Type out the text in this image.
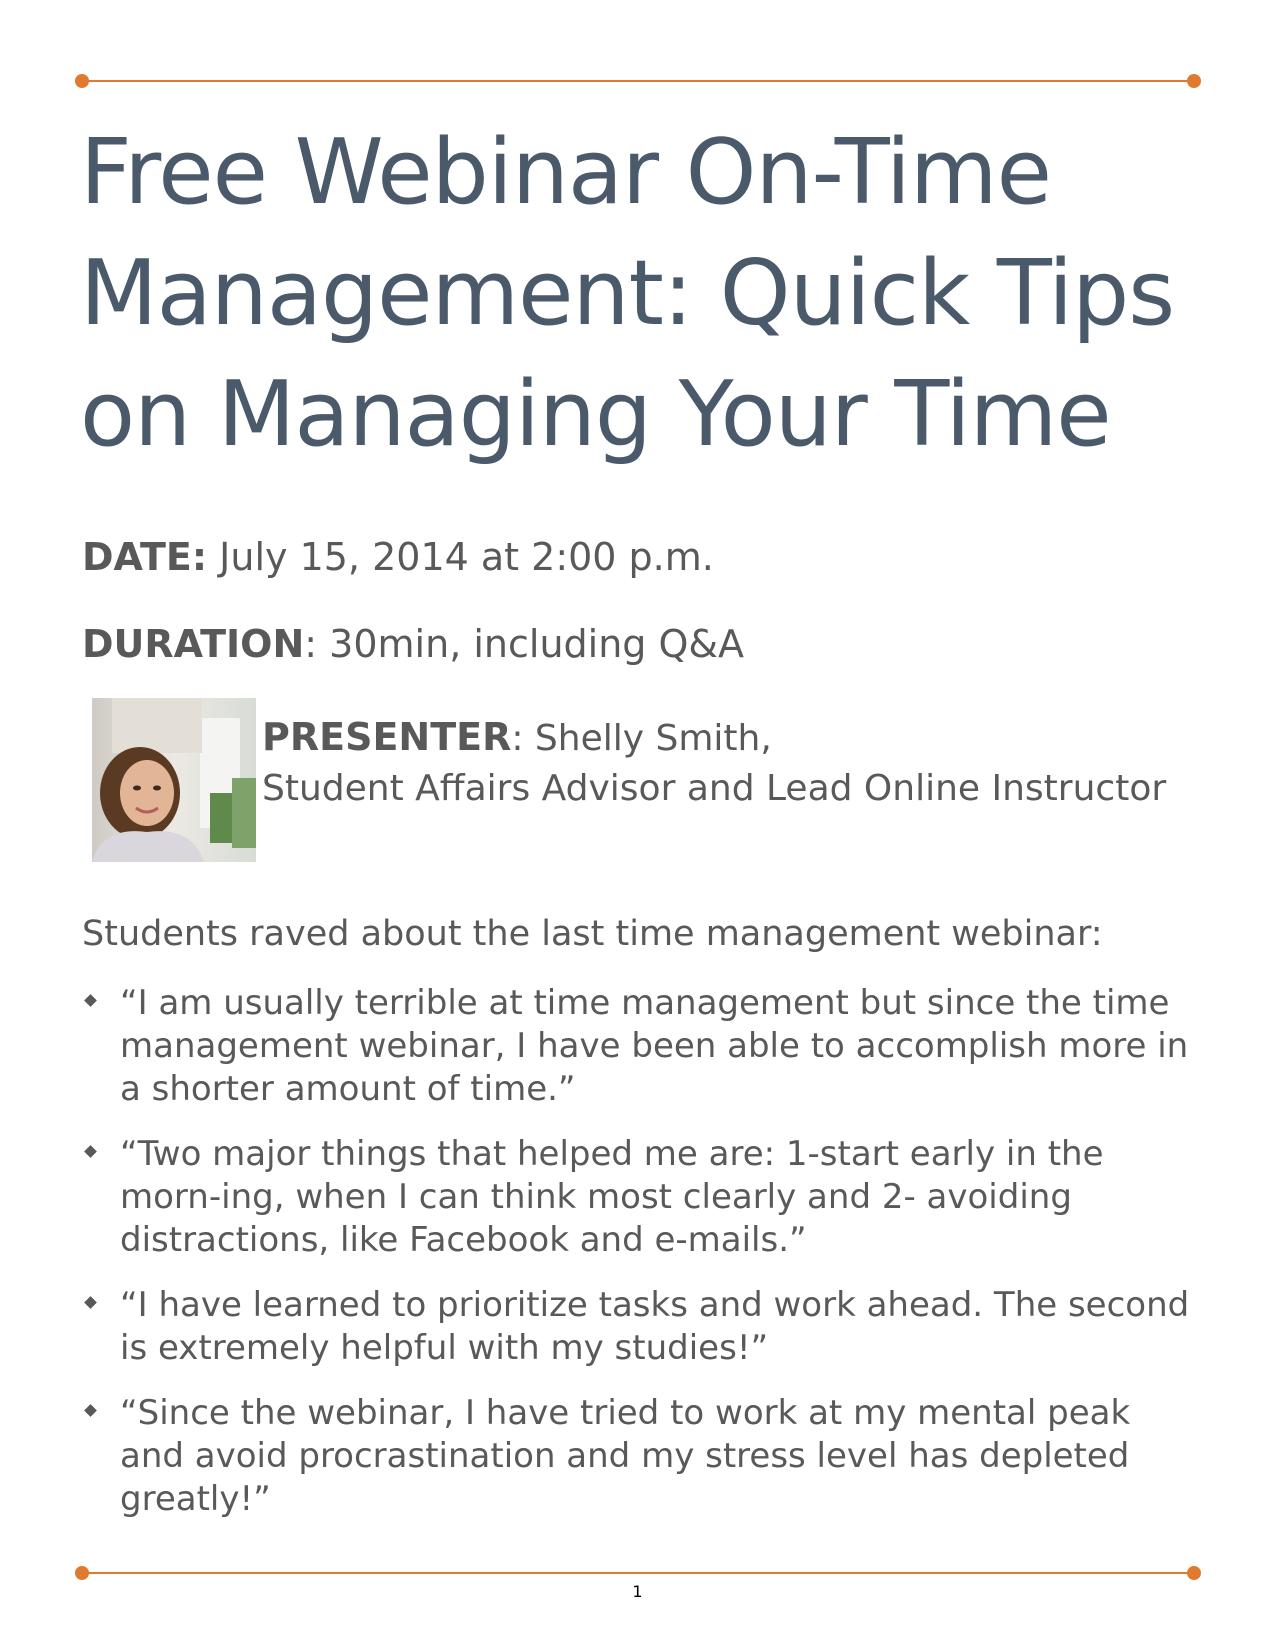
Free Webinar On-Time
Management: Quick Tips
on Managing Your Time
DATE: July 15, 2014 at 2:00 p.m.
DURATION: 30min, including Q&A
PRESENTER: Shelly Smith,
Student Affairs Advisor and Lead Online Instructor
Students raved about the last time management webinar:
“I am usually terrible at time management but since the time management webinar, I have been able to accomplish more in a shorter amount of time.”
“Two major things that helped me are: 1-start early in the morn-ing, when I can think most clearly and 2- avoiding distractions, like Facebook and e-mails.”
“I have learned to prioritize tasks and work ahead. The second is extremely helpful with my studies!”
“Since the webinar, I have tried to work at my mental peak and avoid procrastination and my stress level has depleted greatly!”
1
